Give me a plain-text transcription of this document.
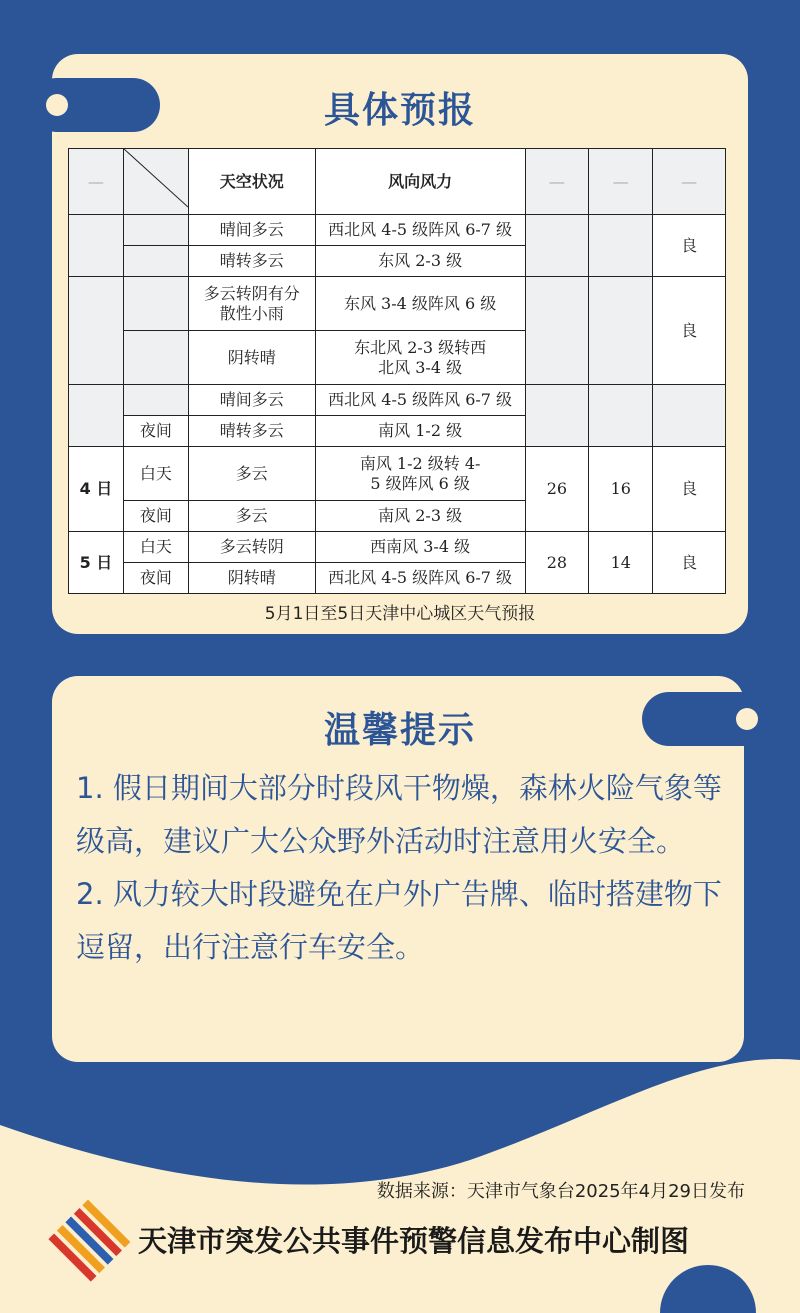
具体预报
—		天空状况	风向风力	—	—	—
		晴间多云	西北风 4-5 级阵风 6-7 级			良
		晴转多云	东风 2-3 级			

		多云转阴有分散性小雨	东风 3-4 级阵风 6 级			良
		阴转晴	东北风 2-3 级转西北风 3-4 级			

		晴间多云	西北风 4-5 级阵风 6-7 级			
	夜间	晴转多云	南风 1-2 级			
4 日	白天	多云	南风 1-2 级转 4-5 级阵风 6 级	26	16	良
	夜间	多云	南风 2-3 级			
5 日	白天	多云转阴	西南风 3-4 级	28	14	良
	夜间	阴转晴	西北风 4-5 级阵风 6-7 级			
5月1日至5日天津中心城区天气预报
温馨提示

1. 假日期间大部分时段风干物燥，森林火险气象等级高，建议广大公众野外活动时注意用火安全。

2. 风力较大时段避免在户外广告牌、临时搭建物下逗留，出行注意行车安全。

数据来源：天津市气象台2025年4月29日发布
天津市突发公共事件预警信息发布中心制图
